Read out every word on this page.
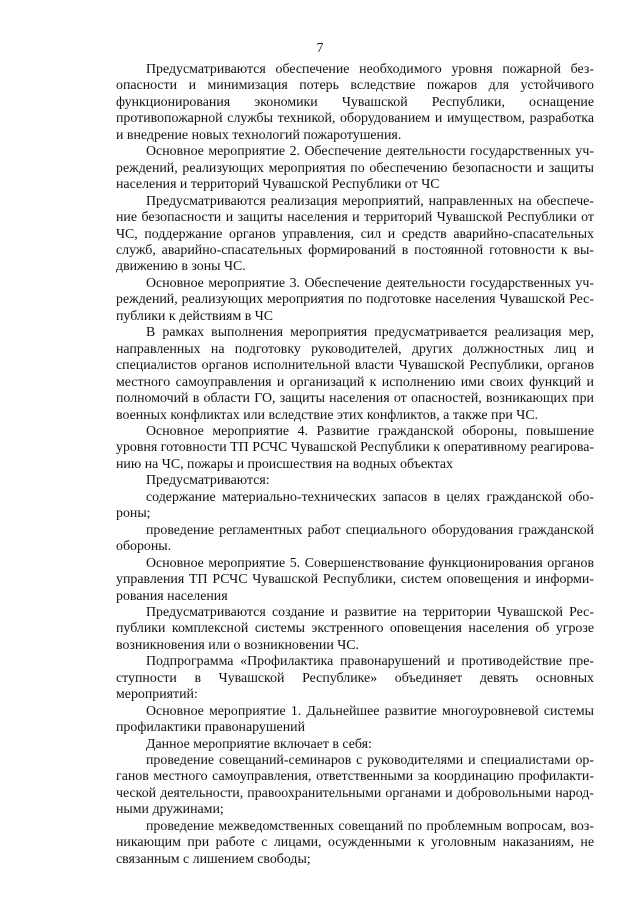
7

Предусматриваются обеспечение необходимого уровня пожарной безопасности и минимизация потерь вследствие пожаров для устойчивого функционирования экономики Чувашской Республики, оснащение противопожарной службы техникой, оборудованием и имуществом, разработка и внедрение новых технологий пожаротушения.

Основное мероприятие 2. Обеспечение деятельности государственных учреждений, реализующих мероприятия по обеспечению безопасности и защиты населения и территорий Чувашской Республики от ЧС

Предусматриваются реализация мероприятий, направленных на обеспечение безопасности и защиты населения и территорий Чувашской Республики от ЧС, поддержание органов управления, сил и средств аварийно-спасательных служб, аварийно-спасательных формирований в постоянной готовности к выдвижению в зоны ЧС.

Основное мероприятие 3. Обеспечение деятельности государственных учреждений, реализующих мероприятия по подготовке населения Чувашской Республики к действиям в ЧС

В рамках выполнения мероприятия предусматривается реализация мер, направленных на подготовку руководителей, других должностных лиц и специалистов органов исполнительной власти Чувашской Республики, органов местного самоуправления и организаций к исполнению ими своих функций и полномочий в области ГО, защиты населения от опасностей, возникающих при военных конфликтах или вследствие этих конфликтов, а также при ЧС.

Основное мероприятие 4. Развитие гражданской обороны, повышение уровня готовности ТП РСЧС Чувашской Республики к оперативному реагированию на ЧС, пожары и происшествия на водных объектах

Предусматриваются:

содержание материально-технических запасов в целях гражданской обороны;

проведение регламентных работ специального оборудования гражданской обороны.

Основное мероприятие 5. Совершенствование функционирования органов управления ТП РСЧС Чувашской Республики, систем оповещения и информирования населения

Предусматриваются создание и развитие на территории Чувашской Республики комплексной системы экстренного оповещения населения об угрозе возникновения или о возникновении ЧС.

Подпрограмма «Профилактика правонарушений и противодействие преступности в Чувашской Республике» объединяет девять основных мероприятий:

Основное мероприятие 1. Дальнейшее развитие многоуровневой системы профилактики правонарушений

Данное мероприятие включает в себя:

проведение совещаний-семинаров с руководителями и специалистами органов местного самоуправления, ответственными за координацию профилактической деятельности, правоохранительными органами и добровольными народными дружинами;

проведение межведомственных совещаний по проблемным вопросам, возникающим при работе с лицами, осужденными к уголовным наказаниям, не связанным с лишением свободы;
